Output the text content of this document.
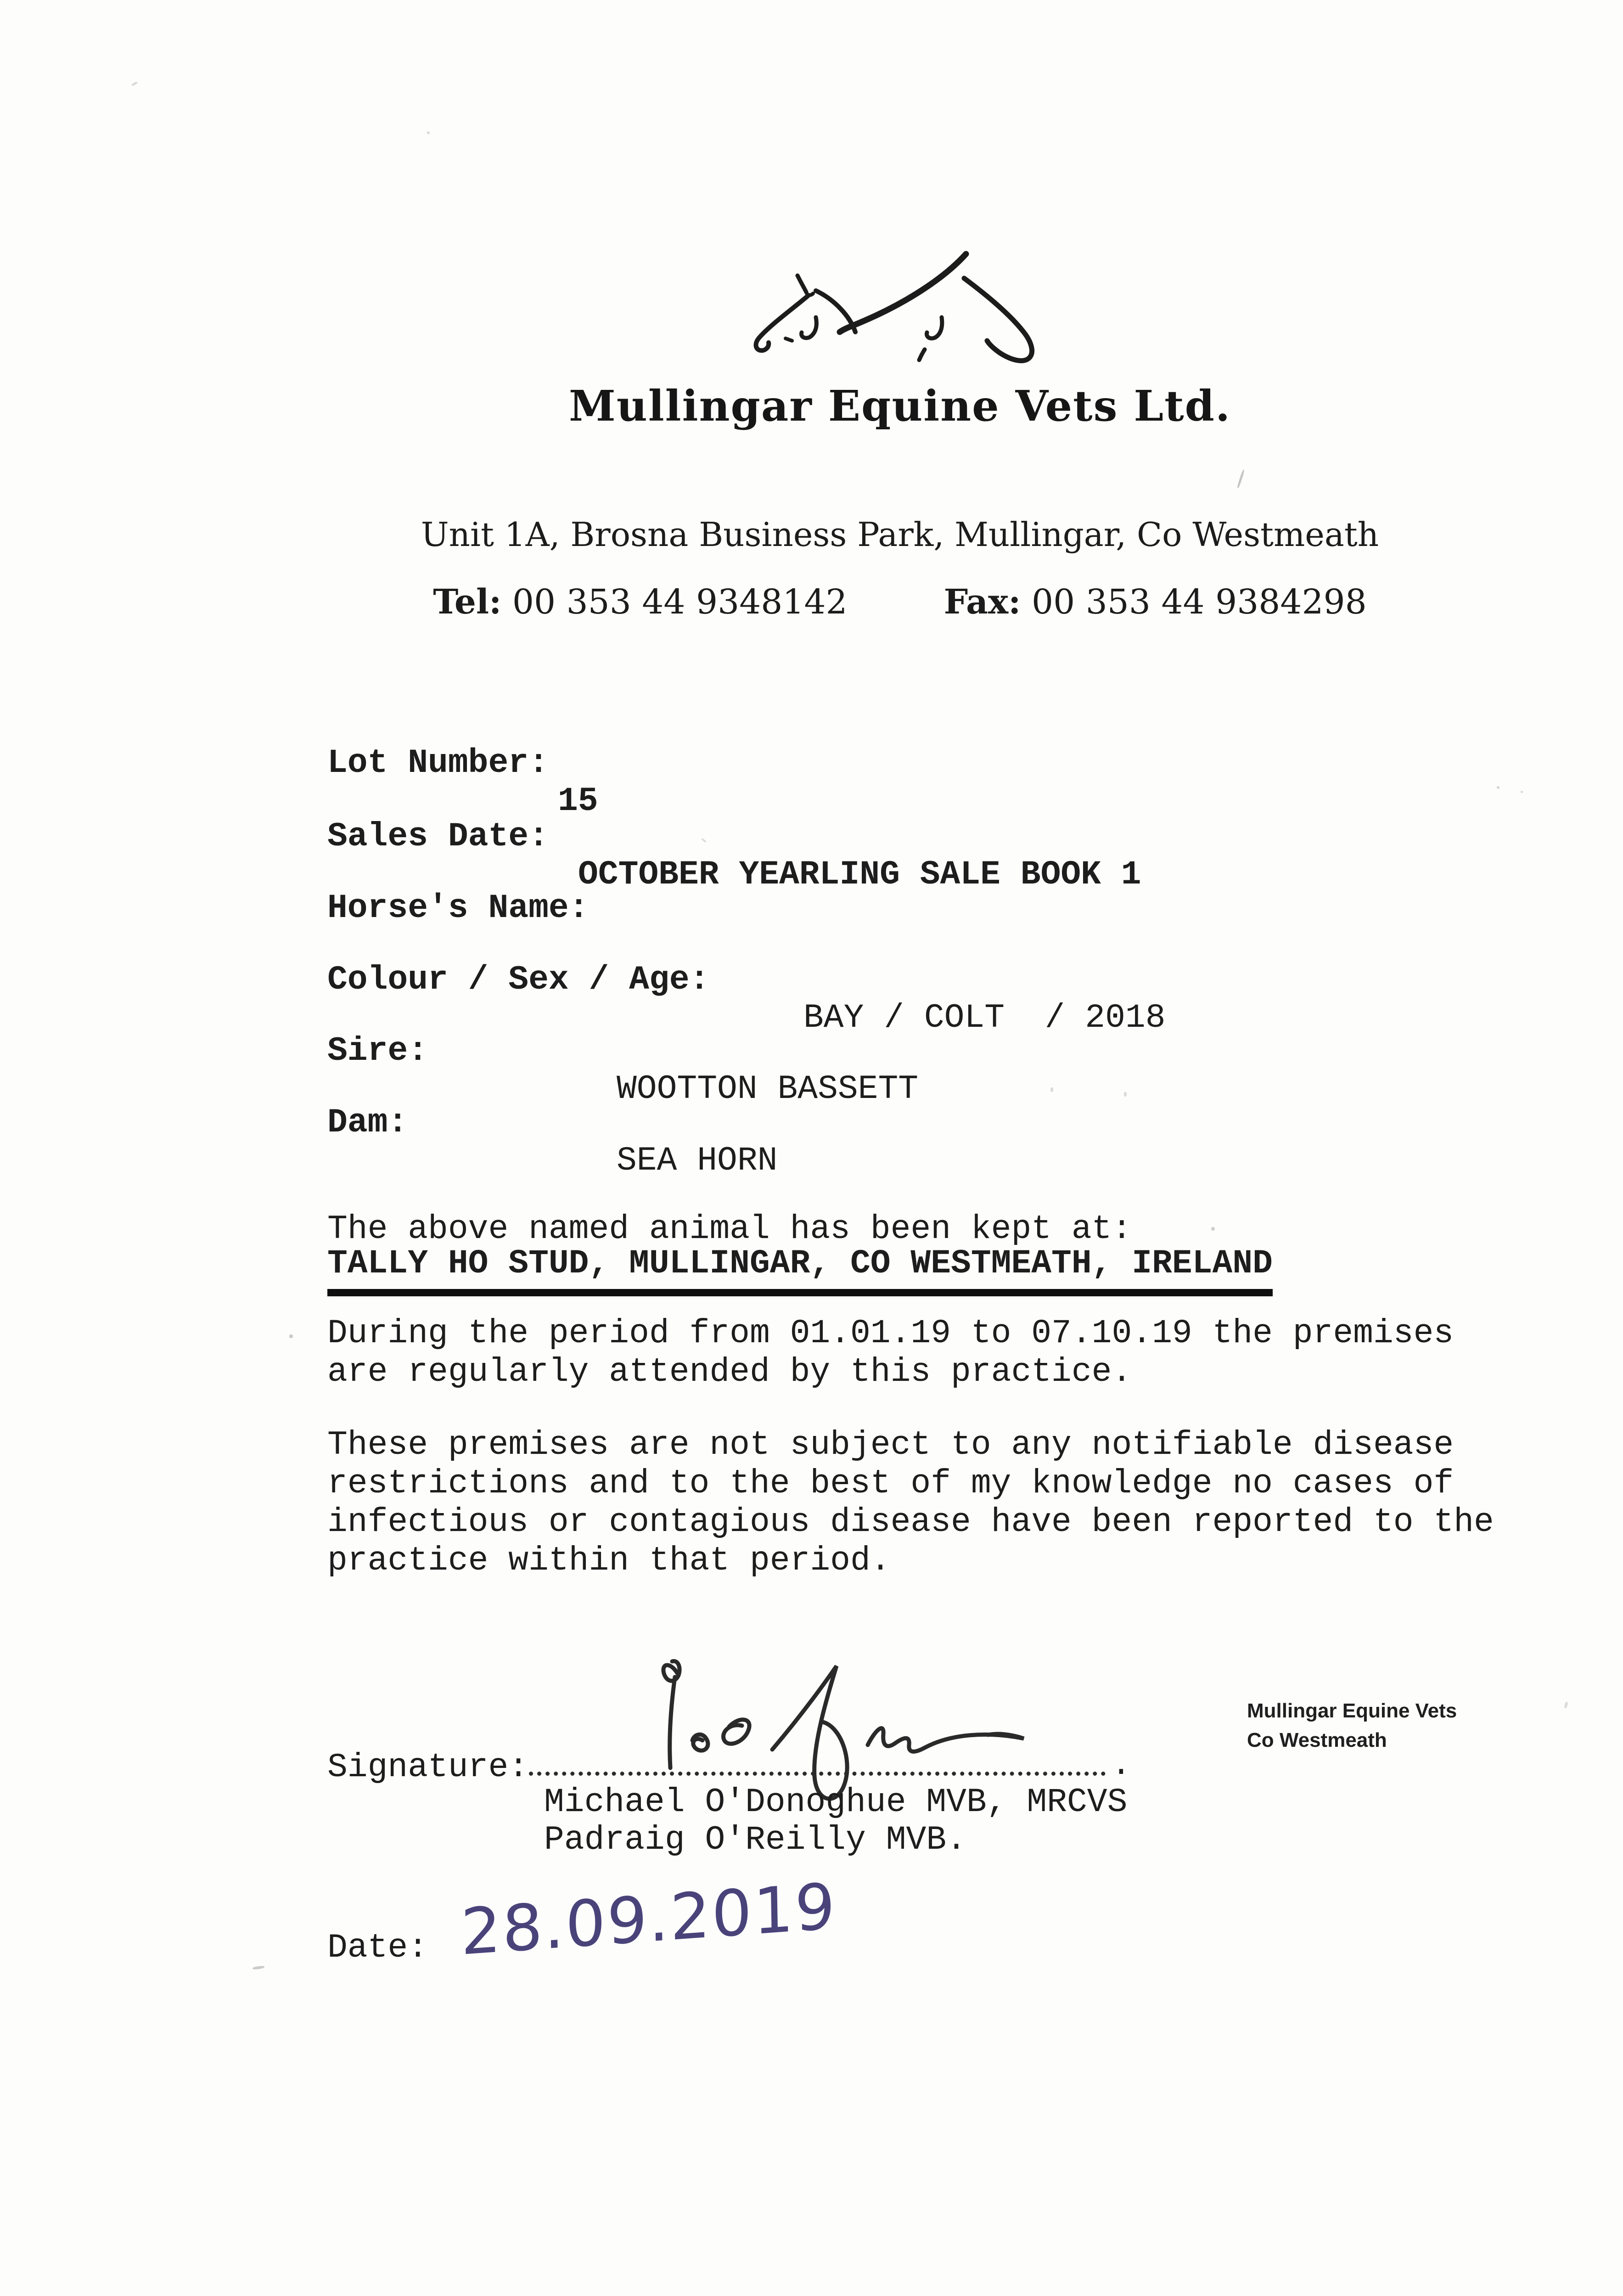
Mullingar Equine Vets Ltd.
Unit 1A, Brosna Business Park, Mullingar, Co Westmeath
Tel: 00 353 44 9348142	Fax: 00 353 44 9384298

Lot Number:

15

Sales Date:

OCTOBER YEARLING SALE BOOK 1

Horse's Name:

Colour / Sex / Age:

BAY / COLT  / 2018

Sire:

WOOTTON BASSETT

Dam:

SEA HORN

The above named animal has been kept at:
TALLY HO STUD, MULLINGAR, CO WESTMEATH, IRELAND
During the period from 01.01.19 to 07.10.19 the premises
are regularly attended by this practice.
These premises are not subject to any notifiable disease
restrictions and to the best of my knowledge no cases of
infectious or contagious disease have been reported to the
practice within that period.
Signature:	.
Michael O'Donoghue MVB, MRCVS
Padraig O'Reilly MVB.
Mullingar Equine Vets
Co Westmeath
Date: 28.09.2019
